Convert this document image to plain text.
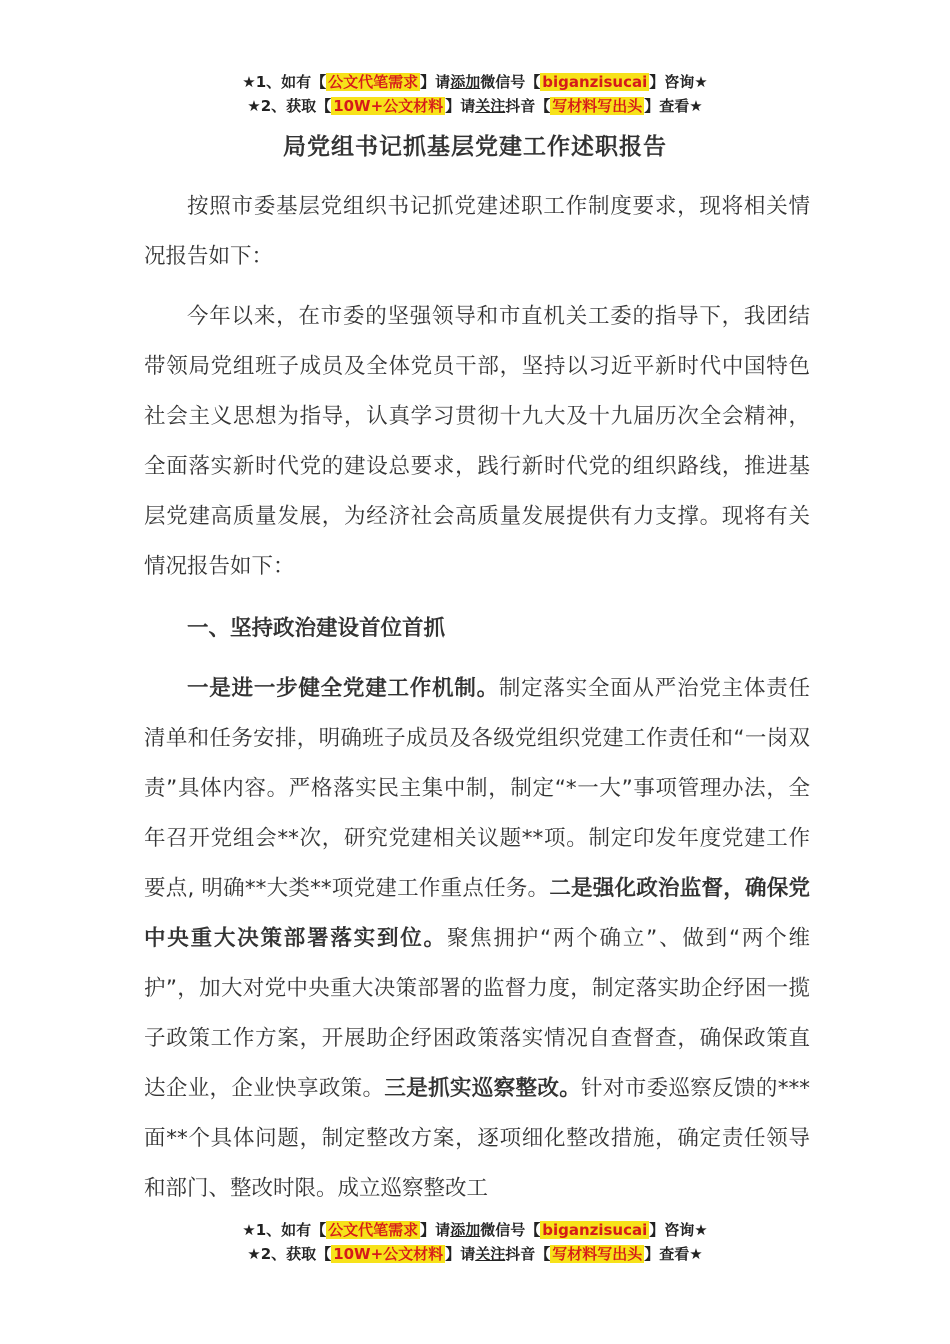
★1、如有【 公文代笔需求 】请添加微信号【 biganzisucai 】咨询★
★2、获取【 10W+公文材料 】请关注抖音【 写材料写出头 】查看★
局党组书记抓基层党建工作述职报告

按照市委基层党组织书记抓党建述职工作制度要求，现将相关情况报告如下：

今年以来，在市委的坚强领导和市直机关工委的指导下，我团结带领局党组班子成员及全体党员干部，坚持以习近平新时代中国特色社会主义思想为指导，认真学习贯彻十九大及十九届历次全会精神，全面落实新时代党的建设总要求，践行新时代党的组织路线，推进基层党建高质量发展，为经济社会高质量发展提供有力支撑。现将有关情况报告如下：

一、坚持政治建设首位首抓

一是进一步健全党建工作机制。制定落实全面从严治党主体责任清单和任务安排，明确班子成员及各级党组织党建工作责任和“一岗双责”具体内容。严格落实民主集中制，制定“*一大”事项管理办法，全年召开党组会**次，研究党建相关议题**项。制定印发年度党建工作要点, 明确**大类**项党建工作重点任务。二是强化政治监督，确保党中央重大决策部署落实到位。聚焦拥护“两个确立”、做到“两个维护”，加大对党中央重大决策部署的监督力度，制定落实助企纾困一揽子政策工作方案，开展助企纾困政策落实情况自查督查，确保政策直达企业，企业快享政策。三是抓实巡察整改。针对市委巡察反馈的***面**个具体问题，制定整改方案，逐项细化整改措施，确定责任领导和部门、整改时限。成立巡察整改工

★1、如有【 公文代笔需求 】请添加微信号【 biganzisucai 】咨询★
★2、获取【 10W+公文材料 】请关注抖音【 写材料写出头 】查看★
